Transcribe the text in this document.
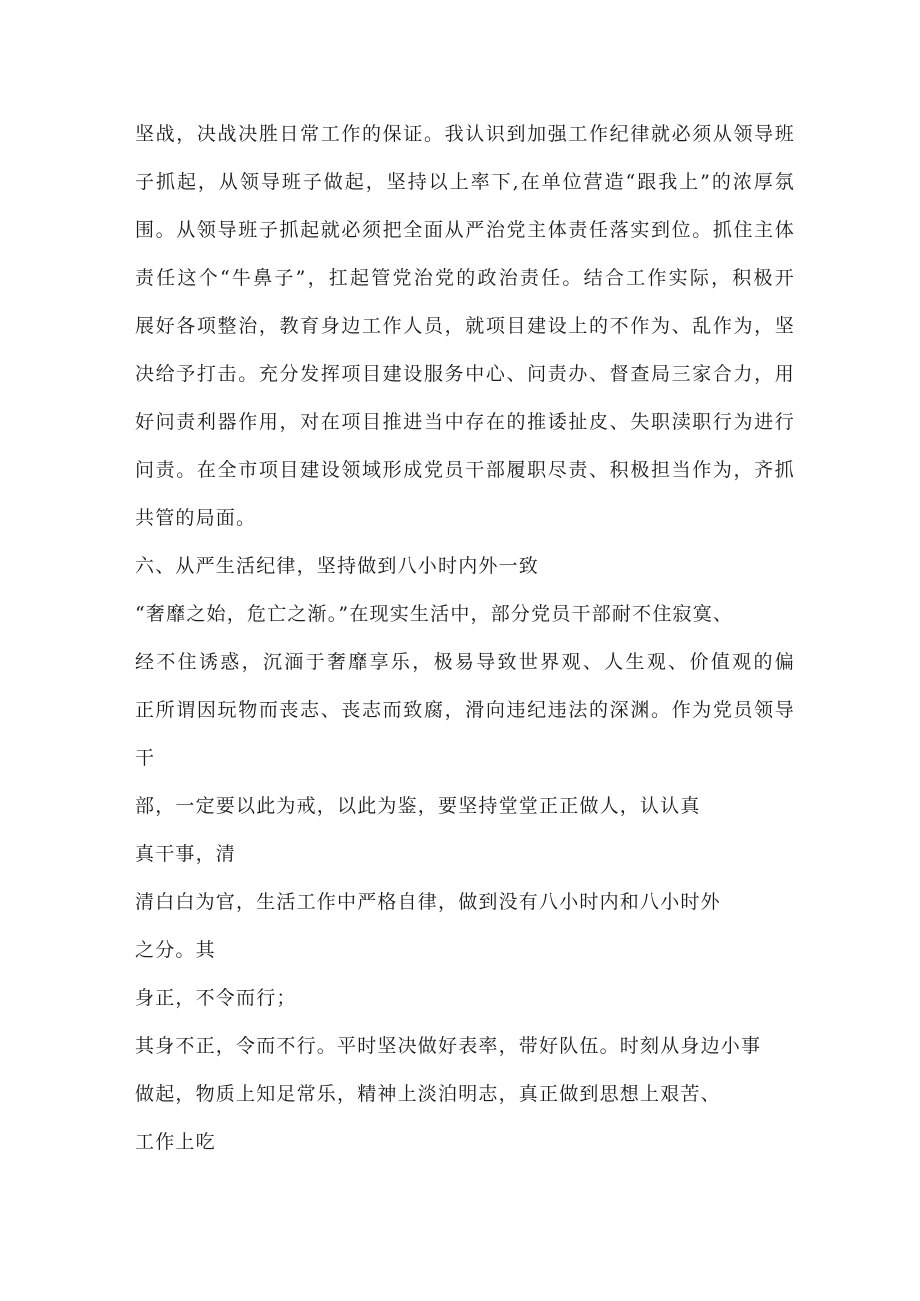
坚战，决战决胜日常工作的保证。我认识到加强工作纪律就必须从领导班
子抓起，从领导班子做起，坚持以上率下,在单位营造“跟我上”的浓厚氛
围。从领导班子抓起就必须把全面从严治党主体责任落实到位。抓住主体
责任这个“牛鼻子”，扛起管党治党的政治责任。结合工作实际，积极开
展好各项整治，教育身边工作人员，就项目建设上的不作为、乱作为，坚
决给予打击。充分发挥项目建设服务中心、问责办、督查局三家合力，用
好问责利器作用，对在项目推进当中存在的推诿扯皮、失职渎职行为进行
问责。在全市项目建设领域形成党员干部履职尽责、积极担当作为，齐抓
共管的局面。
六、从严生活纪律，坚持做到八小时内外一致
“奢靡之始，危亡之渐。”在现实生活中，部分党员干部耐不住寂寞、
经不住诱惑，沉湎于奢靡享乐，极易导致世界观、人生观、价值观的偏
正所谓因玩物而丧志、丧志而致腐，滑向违纪违法的深渊。作为党员领导
干
部，一定要以此为戒，以此为鉴，要坚持堂堂正正做人，认认真
真干事，清
清白白为官，生活工作中严格自律，做到没有八小时内和八小时外
之分。其
身正，不令而行；
其身不正，令而不行。平时坚决做好表率，带好队伍。时刻从身边小事
做起，物质上知足常乐，精神上淡泊明志，真正做到思想上艰苦、
工作上吃
